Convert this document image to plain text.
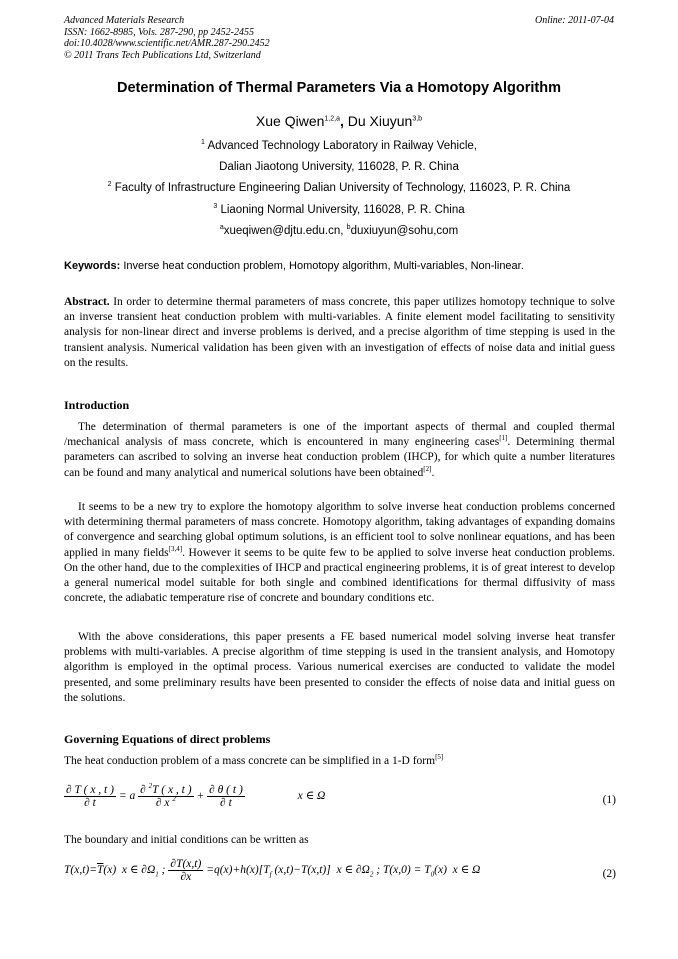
Advanced Materials Research
ISSN: 1662-8985, Vols. 287-290, pp 2452-2455
doi:10.4028/www.scientific.net/AMR.287-290.2452
© 2011 Trans Tech Publications Ltd, Switzerland
Online: 2011-07-04
Determination of Thermal Parameters Via a Homotopy Algorithm
Xue Qiwen$^{1,2,a}$, Du Xiuyun$^{3,b}$
$^1$ Advanced Technology Laboratory in Railway Vehicle,
Dalian Jiaotong University, 116028, P. R. China
$^2$ Faculty of Infrastructure Engineering Dalian University of Technology, 116023, P. R. China
$^3$ Liaoning Normal University, 116028, P. R. China
$^a$xueqiwen@djtu.edu.cn, $^b$duxiuyun@sohu,com
Keywords: Inverse heat conduction problem, Homotopy algorithm, Multi-variables, Non-linear.
Abstract. In order to determine thermal parameters of mass concrete, this paper utilizes homotopy technique to solve an inverse transient heat conduction problem with multi-variables. A finite element model facilitating to sensitivity analysis for non-linear direct and inverse problems is derived, and a precise algorithm of time stepping is used in the transient analysis. Numerical validation has been given with an investigation of effects of noise data and initial guess on the results.
Introduction
The determination of thermal parameters is one of the important aspects of thermal and coupled thermal /mechanical analysis of mass concrete, which is encountered in many engineering cases[1]. Determining thermal parameters can ascribed to solving an inverse heat conduction problem (IHCP), for which quite a number literatures can be found and many analytical and numerical solutions have been obtained[2].
It seems to be a new try to explore the homotopy algorithm to solve inverse heat conduction problems concerned with determining thermal parameters of mass concrete. Homotopy algorithm, taking advantages of expanding domains of convergence and searching global optimum solutions, is an efficient tool to solve nonlinear equations, and has been applied in many fields[3,4]. However it seems to be quite few to be applied to solve inverse heat conduction problems. On the other hand, due to the complexities of IHCP and practical engineering problems, it is of great interest to develop a general numerical model suitable for both single and combined identifications for thermal diffusivity of mass concrete, the adiabatic temperature rise of concrete and boundary conditions etc.
With the above considerations, this paper presents a FE based numerical model solving inverse heat transfer problems with multi-variables. A precise algorithm of time stepping is used in the transient analysis, and Homotopy algorithm is employed in the optimal process. Various numerical exercises are conducted to validate the model presented, and some preliminary results have been presented to consider the effects of noise data and initial guess on the solutions.
Governing Equations of direct problems
The heat conduction problem of a mass concrete can be simplified in a 1-D form[5]
$\frac{\partial T ( x , t )}{\partial t} = a \frac{\partial ^2T ( x , t )}{\partial x ^2} + \frac{\partial \theta ( t )}{\partial t}$	x ∈ Ω	(1)
The boundary and initial conditions can be written as
$T(x,t)=\overline{T}(x)$  x ∈ $\partial\Omega_1$ ; $\frac{\partial T(x,t)}{\partial x} =q(x)+h(x)[T_f$ (x,t)−T(x,t)]  x ∈ $\partial\Omega_2$ ; $T(x,0) = T_0(x)$  x ∈ Ω	(2)
